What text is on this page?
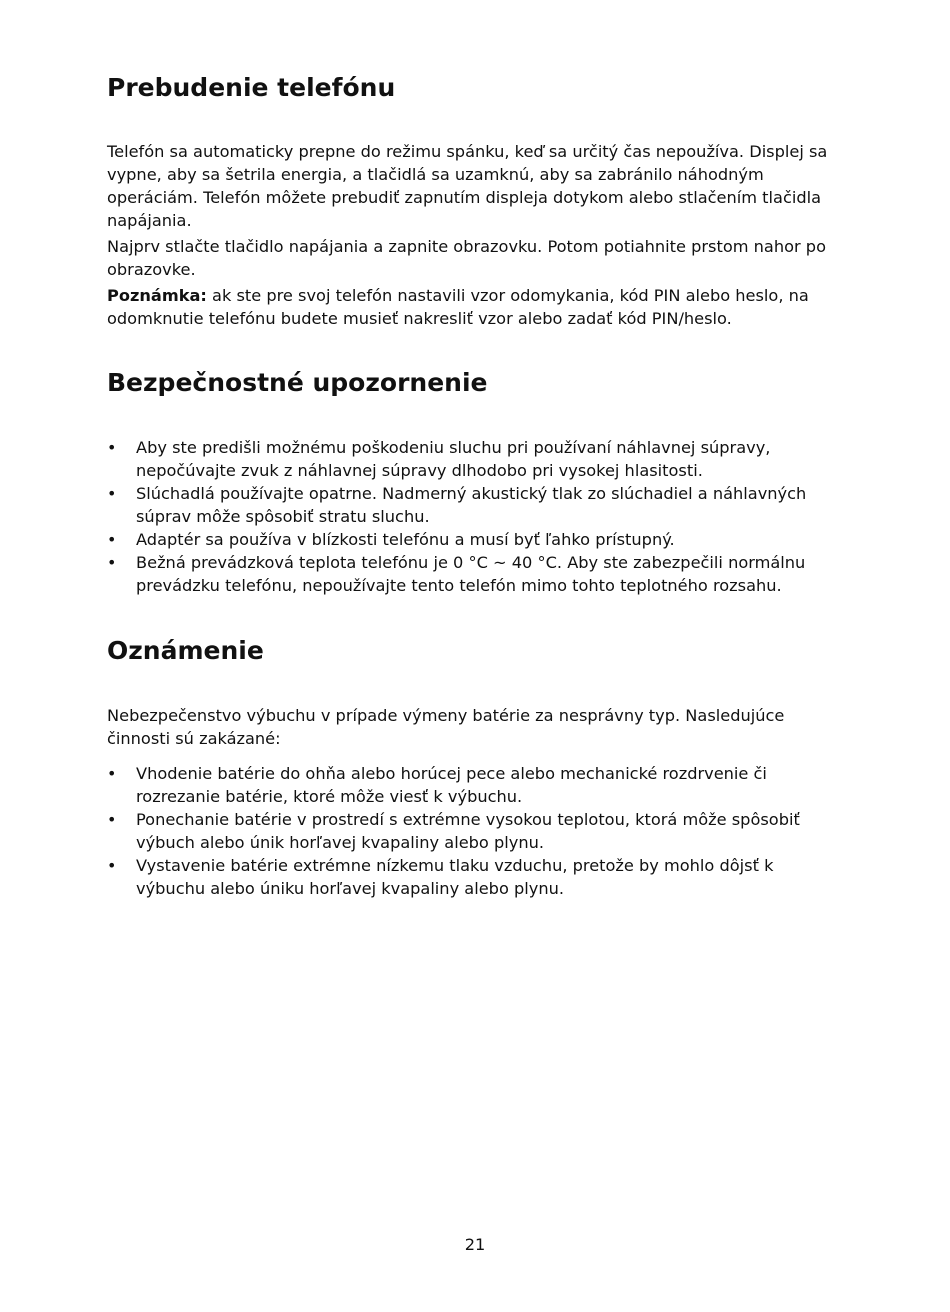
Prebudenie telefónu

Telefón sa automaticky prepne do režimu spánku, keď sa určitý čas nepoužíva. Displej sa vypne, aby sa šetrila energia, a tlačidlá sa uzamknú, aby sa zabránilo náhodným operáciám. Telefón môžete prebudiť zapnutím displeja dotykom alebo stlačením tlačidla napájania.

Najprv stlačte tlačidlo napájania a zapnite obrazovku. Potom potiahnite prstom nahor po obrazovke.

Poznámka: ak ste pre svoj telefón nastavili vzor odomykania, kód PIN alebo heslo, na odomknutie telefónu budete musieť nakresliť vzor alebo zadať kód PIN/heslo.

Bezpečnostné upozornenie
• Aby ste predišli možnému poškodeniu sluchu pri používaní náhlavnej súpravy, nepočúvajte zvuk z náhlavnej súpravy dlhodobo pri vysokej hlasitosti.
• Slúchadlá používajte opatrne. Nadmerný akustický tlak zo slúchadiel a náhlavných súprav môže spôsobiť stratu sluchu.
• Adaptér sa používa v blízkosti telefónu a musí byť ľahko prístupný.
• Bežná prevádzková teplota telefónu je 0 °C ~ 40 °C. Aby ste zabezpečili normálnu prevádzku telefónu, nepoužívajte tento telefón mimo tohto teplotného rozsahu.
Oznámenie

Nebezpečenstvo výbuchu v prípade výmeny batérie za nesprávny typ. Nasledujúce činnosti sú zakázané:

• Vhodenie batérie do ohňa alebo horúcej pece alebo mechanické rozdrvenie či rozrezanie batérie, ktoré môže viesť k výbuchu.
• Ponechanie batérie v prostredí s extrémne vysokou teplotou, ktorá môže spôsobiť výbuch alebo únik horľavej kvapaliny alebo plynu.
• Vystavenie batérie extrémne nízkemu tlaku vzduchu, pretože by mohlo dôjsť k výbuchu alebo úniku horľavej kvapaliny alebo plynu.
21
